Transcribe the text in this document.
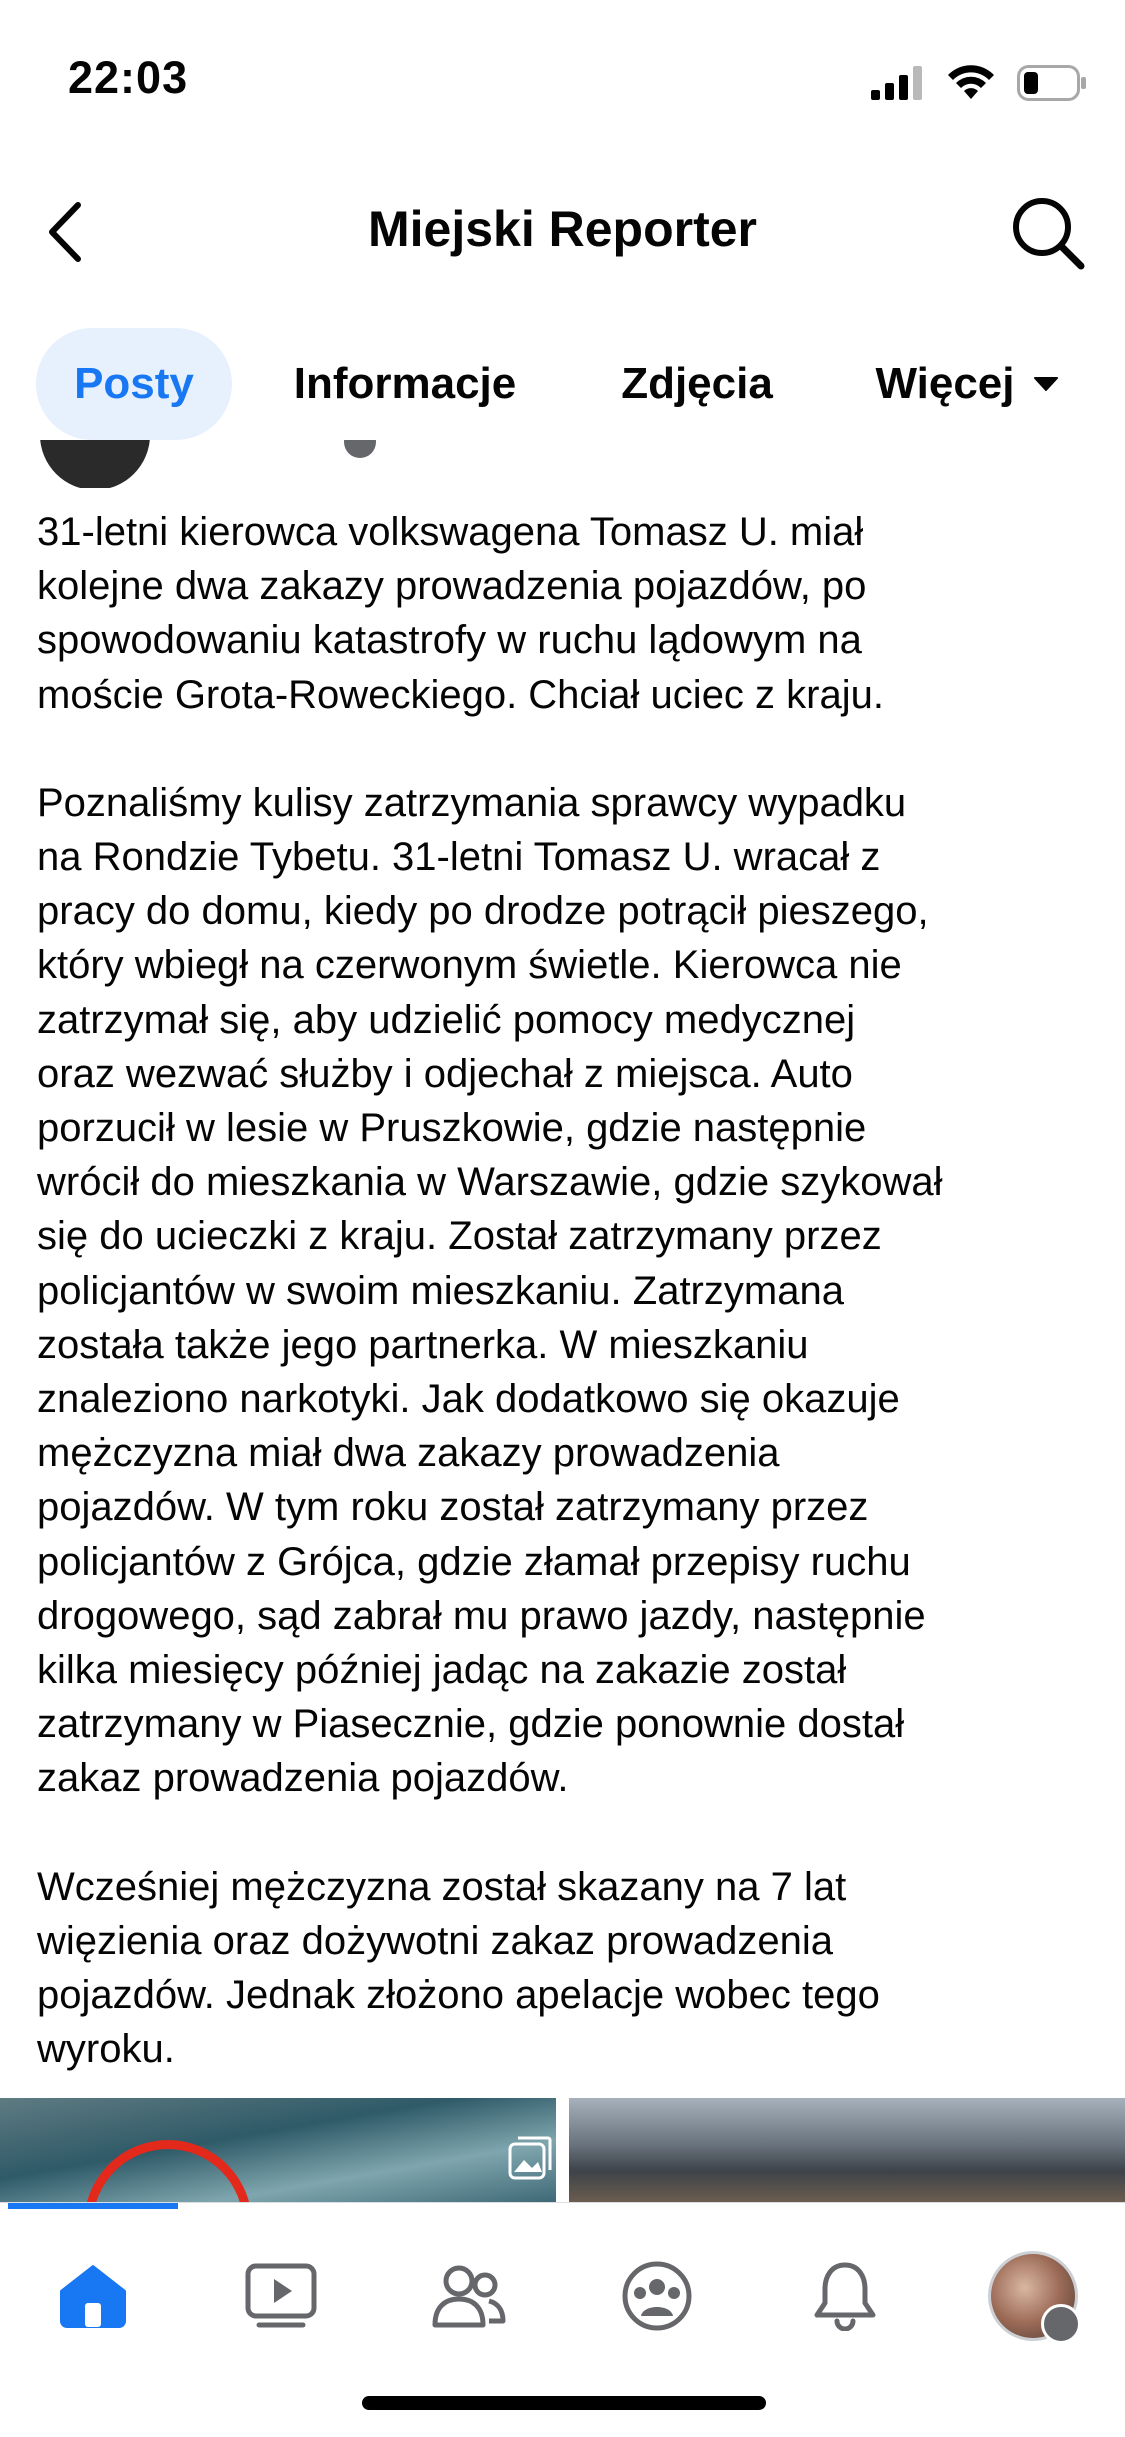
22:03
Miejski Reporter
Posty	Informacje	Zdjęcia	Więcej

31-letni kierowca volkswagena Tomasz U. miał
kolejne dwa zakazy prowadzenia pojazdów, po
spowodowaniu katastrofy w ruchu lądowym na
moście Grota-Roweckiego. Chciał uciec z kraju.

Poznaliśmy kulisy zatrzymania sprawcy wypadku
na Rondzie Tybetu. 31-letni Tomasz U. wracał z
pracy do domu, kiedy po drodze potrącił pieszego,
który wbiegł na czerwonym świetle. Kierowca nie
zatrzymał się, aby udzielić pomocy medycznej
oraz wezwać służby i odjechał z miejsca. Auto
porzucił w lesie w Pruszkowie, gdzie następnie
wrócił do mieszkania w Warszawie, gdzie szykował
się do ucieczki z kraju. Został zatrzymany przez
policjantów w swoim mieszkaniu. Zatrzymana
została także jego partnerka. W mieszkaniu
znaleziono narkotyki. Jak dodatkowo się okazuje
mężczyzna miał dwa zakazy prowadzenia
pojazdów. W tym roku został zatrzymany przez
policjantów z Grójca, gdzie złamał przepisy ruchu
drogowego, sąd zabrał mu prawo jazdy, następnie
kilka miesięcy później jadąc na zakazie został
zatrzymany w Piasecznie, gdzie ponownie dostał
zakaz prowadzenia pojazdów.

Wcześniej mężczyzna został skazany na 7 lat
więzienia oraz dożywotni zakaz prowadzenia
pojazdów. Jednak złożono apelacje wobec tego
wyroku.
